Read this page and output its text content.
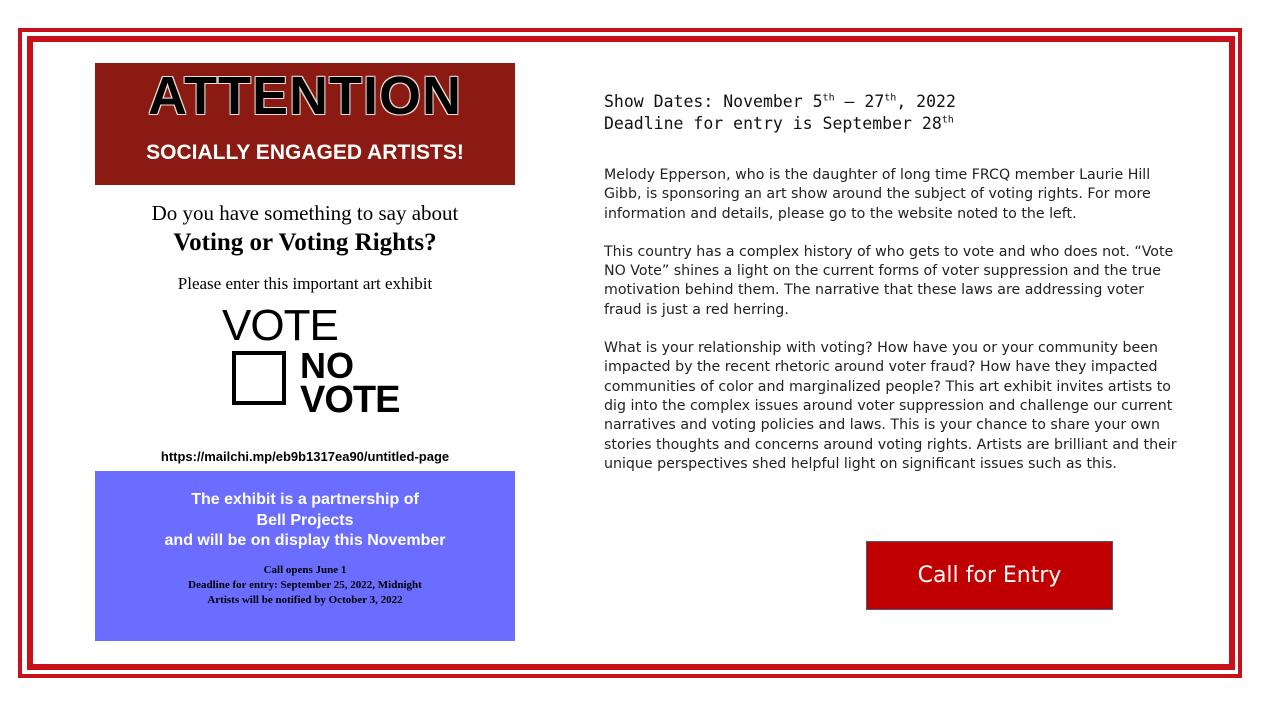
ATTENTION
SOCIALLY ENGAGED ARTISTS!
Do you have something to say about
Voting or Voting Rights?
Please enter this important art exhibit
VOTE
NO
VOTE
https://mailchi.mp/eb9b1317ea90/untitled-page
The exhibit is a partnership of
Bell Projects
and will be on display this November
Call opens June 1
Deadline for entry: September 25, 2022, Midnight
Artists will be notified by October 3, 2022
Show Dates: November 5th – 27th, 2022
Deadline for entry is September 28th

Melody Epperson, who is the daughter of long time FRCQ member Laurie Hill Gibb, is sponsoring an art show around the subject of voting rights. For more information and details, please go to the website noted to the left.

This country has a complex history of who gets to vote and who does not. “Vote NO Vote” shines a light on the current forms of voter suppression and the true motivation behind them. The narrative that these laws are addressing voter fraud is just a red herring.

What is your relationship with voting? How have you or your community been impacted by the recent rhetoric around voter fraud? How have they impacted communities of color and marginalized people? This art exhibit invites artists to dig into the complex issues around voter suppression and challenge our current narratives and voting policies and laws. This is your chance to share your own stories thoughts and concerns around voting rights. Artists are brilliant and their unique perspectives shed helpful light on significant issues such as this.

Call for Entry
